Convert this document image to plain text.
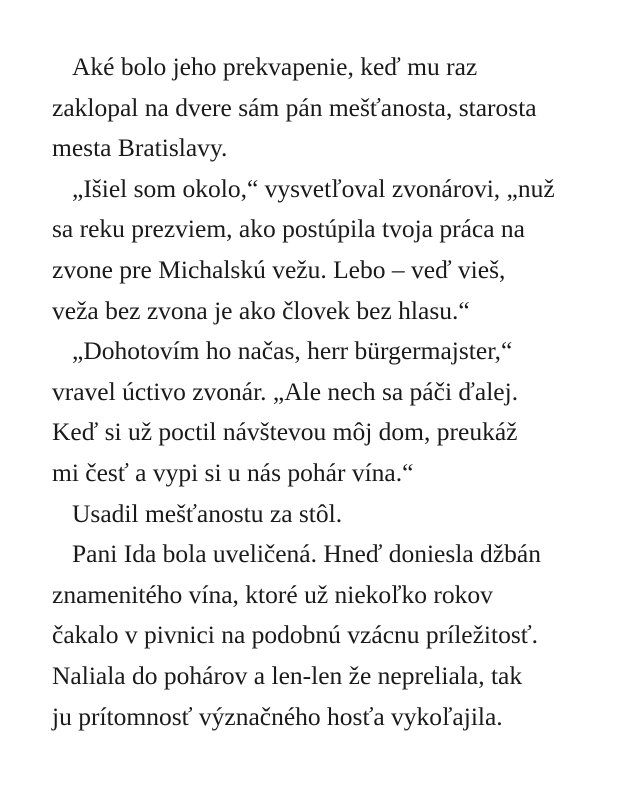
Aké bolo jeho prekvapenie, keď mu raz
zaklopal na dvere sám pán mešťanosta, starosta
mesta Bratislavy.
„Išiel som okolo,“ vysvetľoval zvonárovi, „nuž
sa reku prezviem, ako postúpila tvoja práca na
zvone pre Michalskú vežu. Lebo – veď vieš,
veža bez zvona je ako človek bez hlasu.“
„Dohotovím ho načas, herr bürgermajster,“
vravel úctivo zvonár. „Ale nech sa páči ďalej.
Keď si už poctil návštevou môj dom, preukáž
mi česť a vypi si u nás pohár vína.“
Usadil mešťanostu za stôl.
Pani Ida bola uveličená. Hneď doniesla džbán
znamenitého vína, ktoré už niekoľko rokov
čakalo v pivnici na podobnú vzácnu príležitosť.
Naliala do pohárov a len-len že nepreliala, tak
ju prítomnosť význačného hosťa vykoľajila.
